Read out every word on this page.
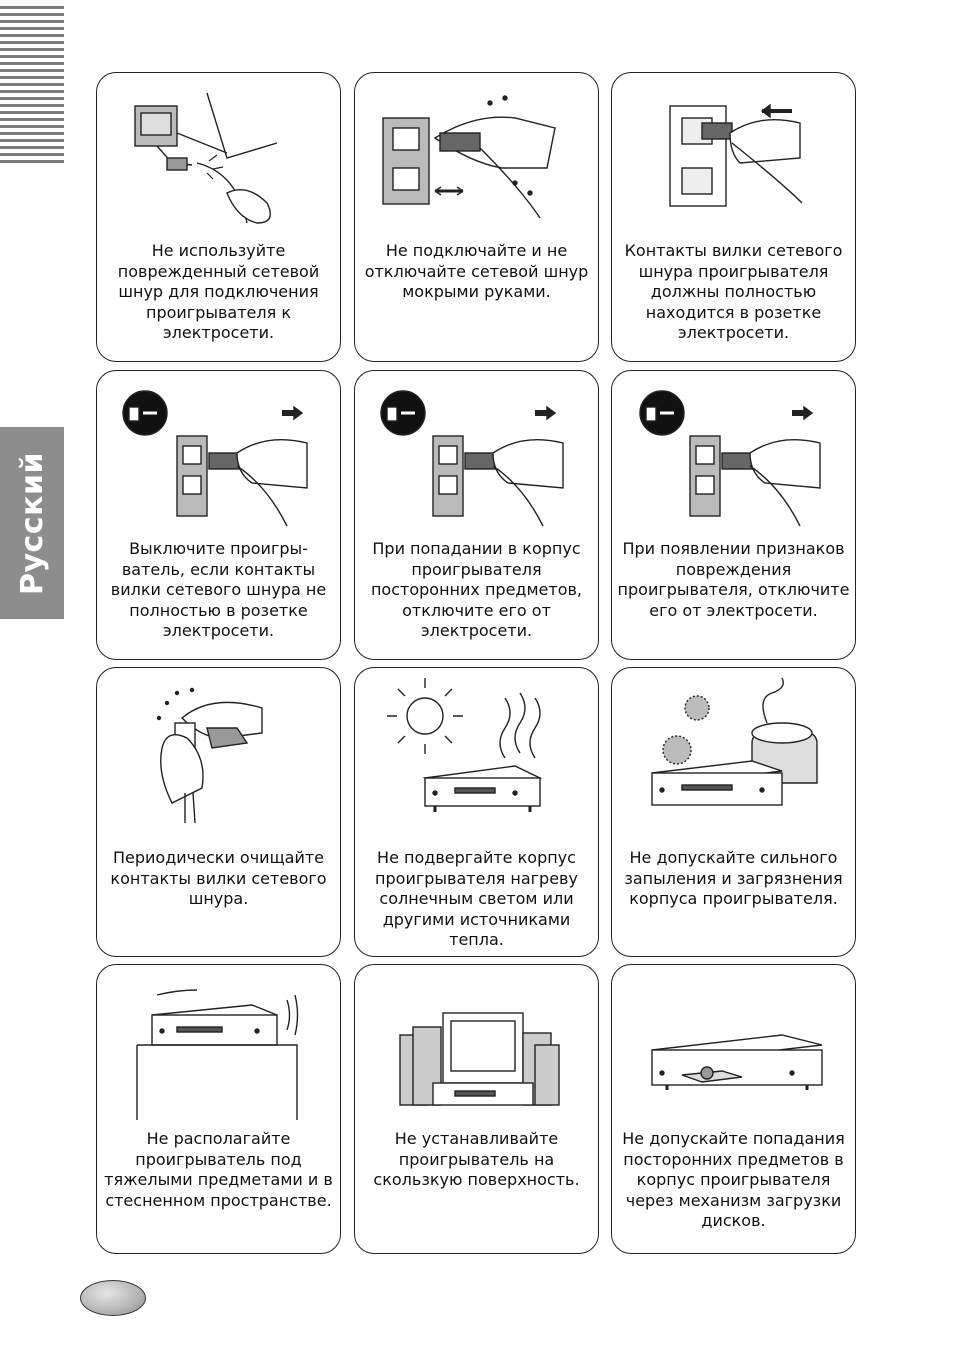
Русский
Не используйте
поврежденный сетевой
шнур для подключения
проигрывателя к
электросети.
Не подключайте и не
отключайте сетевой шнур
мокрыми руками.
Контакты вилки сетевого
шнура проигрывателя
должны полностью
находится в розетке
электросети.
Выключите проигры-
ватель, если контакты
вилки сетевого шнура не
полностью в розетке
электросети.
При попадании в корпус
проигрывателя
посторонних предметов,
отключите его от
электросети.
При появлении признаков
повреждения
проигрывателя, отключите
его от электросети.
Периодически очищайте
контакты вилки сетевого
шнура.
Не подвергайте корпус
проигрывателя нагреву
солнечным светом или
другими источниками
тепла.
Не допускайте сильного
запыления и загрязнения
корпуса проигрывателя.
Не располагайте
проигрыватель под
тяжелыми предметами и в
стесненном пространстве.
Не устанавливайте
проигрыватель на
скользкую поверхность.
Не допускайте попадания
посторонних предметов в
корпус проигрывателя
через механизм загрузки
дисков.
